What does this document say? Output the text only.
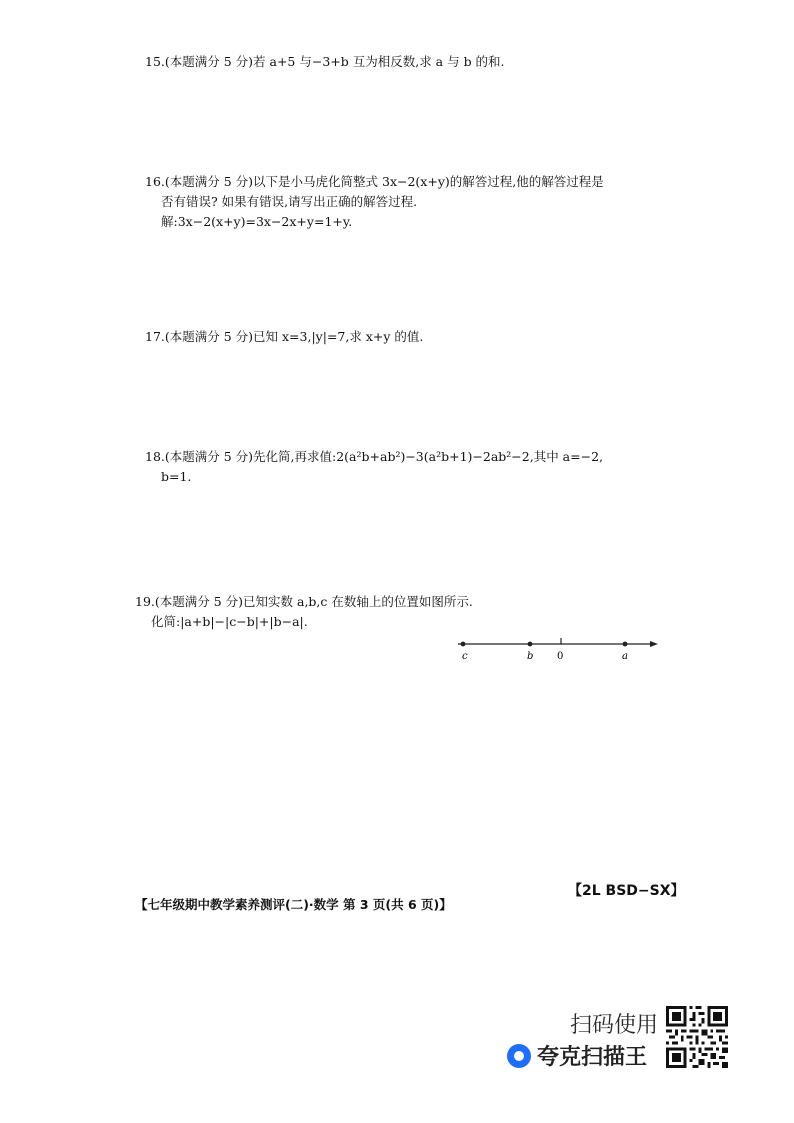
15.(本题满分 5 分)若 a+5 与−3+b 互为相反数,求 a 与 b 的和.
16.(本题满分 5 分)以下是小马虎化简整式 3x−2(x+y)的解答过程,他的解答过程是
否有错误? 如果有错误,请写出正确的解答过程.
解:3x−2(x+y)=3x−2x+y=1+y.
17.(本题满分 5 分)已知 x=3,|y|=7,求 x+y 的值.
18.(本题满分 5 分)先化简,再求值:2(a²b+ab²)−3(a²b+1)−2ab²−2,其中 a=−2,
b=1.
19.(本题满分 5 分)已知实数 a,b,c 在数轴上的位置如图所示.
化简:|a+b|−|c−b|+|b−a|.
c	b 0	a
【2L BSD−SX】
【七年级期中教学素养测评(二)·数学 第 3 页(共 6 页)】
扫码使用
夸克扫描王
